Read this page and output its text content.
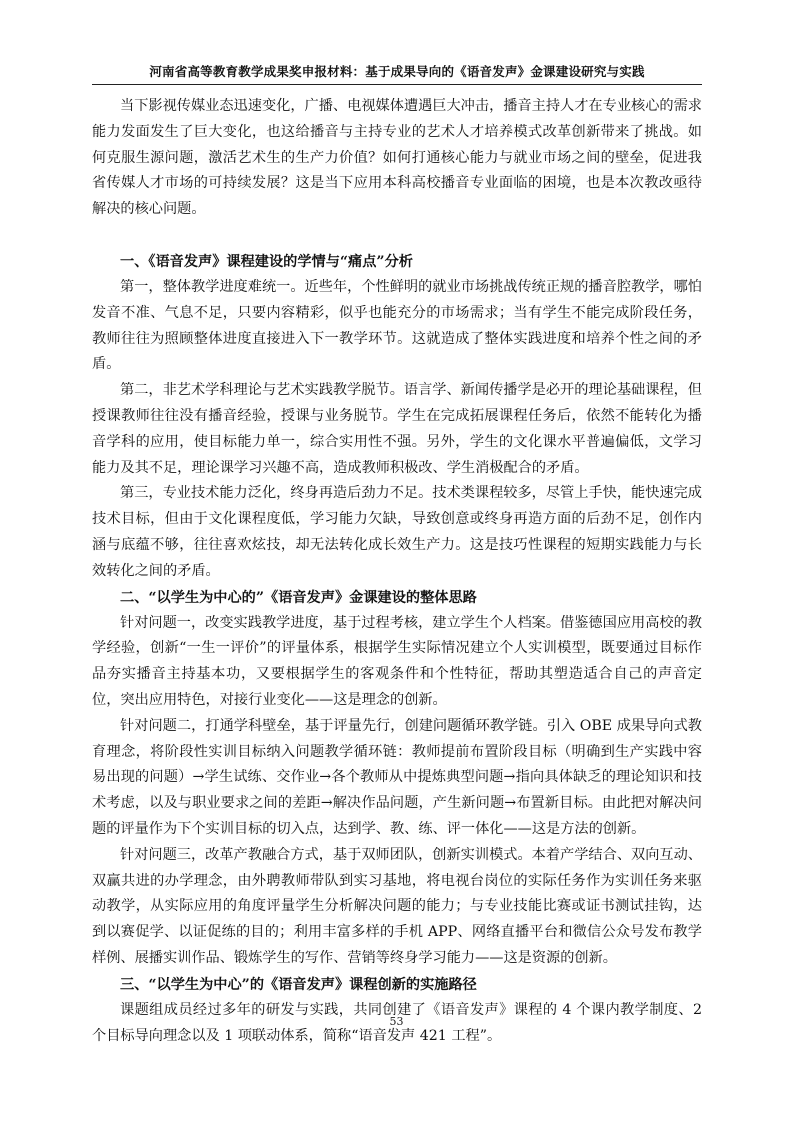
河南省高等教育教学成果奖申报材料：基于成果导向的《语音发声》金课建设研究与实践

当下影视传媒业态迅速变化，广播、电视媒体遭遇巨大冲击，播音主持人才在专业核心的需求能力发面发生了巨大变化，也这给播音与主持专业的艺术人才培养模式改革创新带来了挑战。如何克服生源问题，激活艺术生的生产力价值？如何打通核心能力与就业市场之间的壁垒，促进我省传媒人才市场的可持续发展？这是当下应用本科高校播音专业面临的困境，也是本次教改亟待解决的核心问题。

一、《语音发声》课程建设的学情与“痛点”分析

第一，整体教学进度难统一。近些年，个性鲜明的就业市场挑战传统正规的播音腔教学，哪怕发音不准、气息不足，只要内容精彩，似乎也能充分的市场需求；当有学生不能完成阶段任务，教师往往为照顾整体进度直接进入下一教学环节。这就造成了整体实践进度和培养个性之间的矛盾。

第二，非艺术学科理论与艺术实践教学脱节。语言学、新闻传播学是必开的理论基础课程，但授课教师往往没有播音经验，授课与业务脱节。学生在完成拓展课程任务后，依然不能转化为播音学科的应用，使目标能力单一，综合实用性不强。另外，学生的文化课水平普遍偏低，文学习能力及其不足，理论课学习兴趣不高，造成教师积极改、学生消极配合的矛盾。

第三，专业技术能力泛化，终身再造后劲力不足。技术类课程较多，尽管上手快，能快速完成技术目标，但由于文化课程度低，学习能力欠缺，导致创意或终身再造方面的后劲不足，创作内涵与底蕴不够，往往喜欢炫技，却无法转化成长效生产力。这是技巧性课程的短期实践能力与长效转化之间的矛盾。

二、“以学生为中心的”《语音发声》金课建设的整体思路

针对问题一，改变实践教学进度，基于过程考核，建立学生个人档案。借鉴德国应用高校的教学经验，创新“一生一评价”的评量体系，根据学生实际情况建立个人实训模型，既要通过目标作品夯实播音主持基本功，又要根据学生的客观条件和个性特征，帮助其塑造适合自己的声音定位，突出应用特色，对接行业变化——这是理念的创新。

针对问题二，打通学科壁垒，基于评量先行，创建问题循环教学链。引入 OBE 成果导向式教育理念，将阶段性实训目标纳入问题教学循环链：教师提前布置阶段目标（明确到生产实践中容易出现的问题）→学生试练、交作业→各个教师从中提炼典型问题→指向具体缺乏的理论知识和技术考虑，以及与职业要求之间的差距→解决作品问题，产生新问题→布置新目标。由此把对解决问题的评量作为下个实训目标的切入点，达到学、教、练、评一体化——这是方法的创新。

针对问题三，改革产教融合方式，基于双师团队，创新实训模式。本着产学结合、双向互动、双赢共进的办学理念，由外聘教师带队到实习基地，将电视台岗位的实际任务作为实训任务来驱动教学，从实际应用的角度评量学生分析解决问题的能力；与专业技能比赛或证书测试挂钩，达到以赛促学、以证促练的目的；利用丰富多样的手机 APP、网络直播平台和微信公众号发布教学样例、展播实训作品、锻炼学生的写作、营销等终身学习能力——这是资源的创新。

三、“以学生为中心”的《语音发声》课程创新的实施路径

课题组成员经过多年的研发与实践，共同创建了《语音发声》课程的 4 个课内教学制度、2 个目标导向理念以及 1 项联动体系，简称“语音发声 421 工程”。

53
